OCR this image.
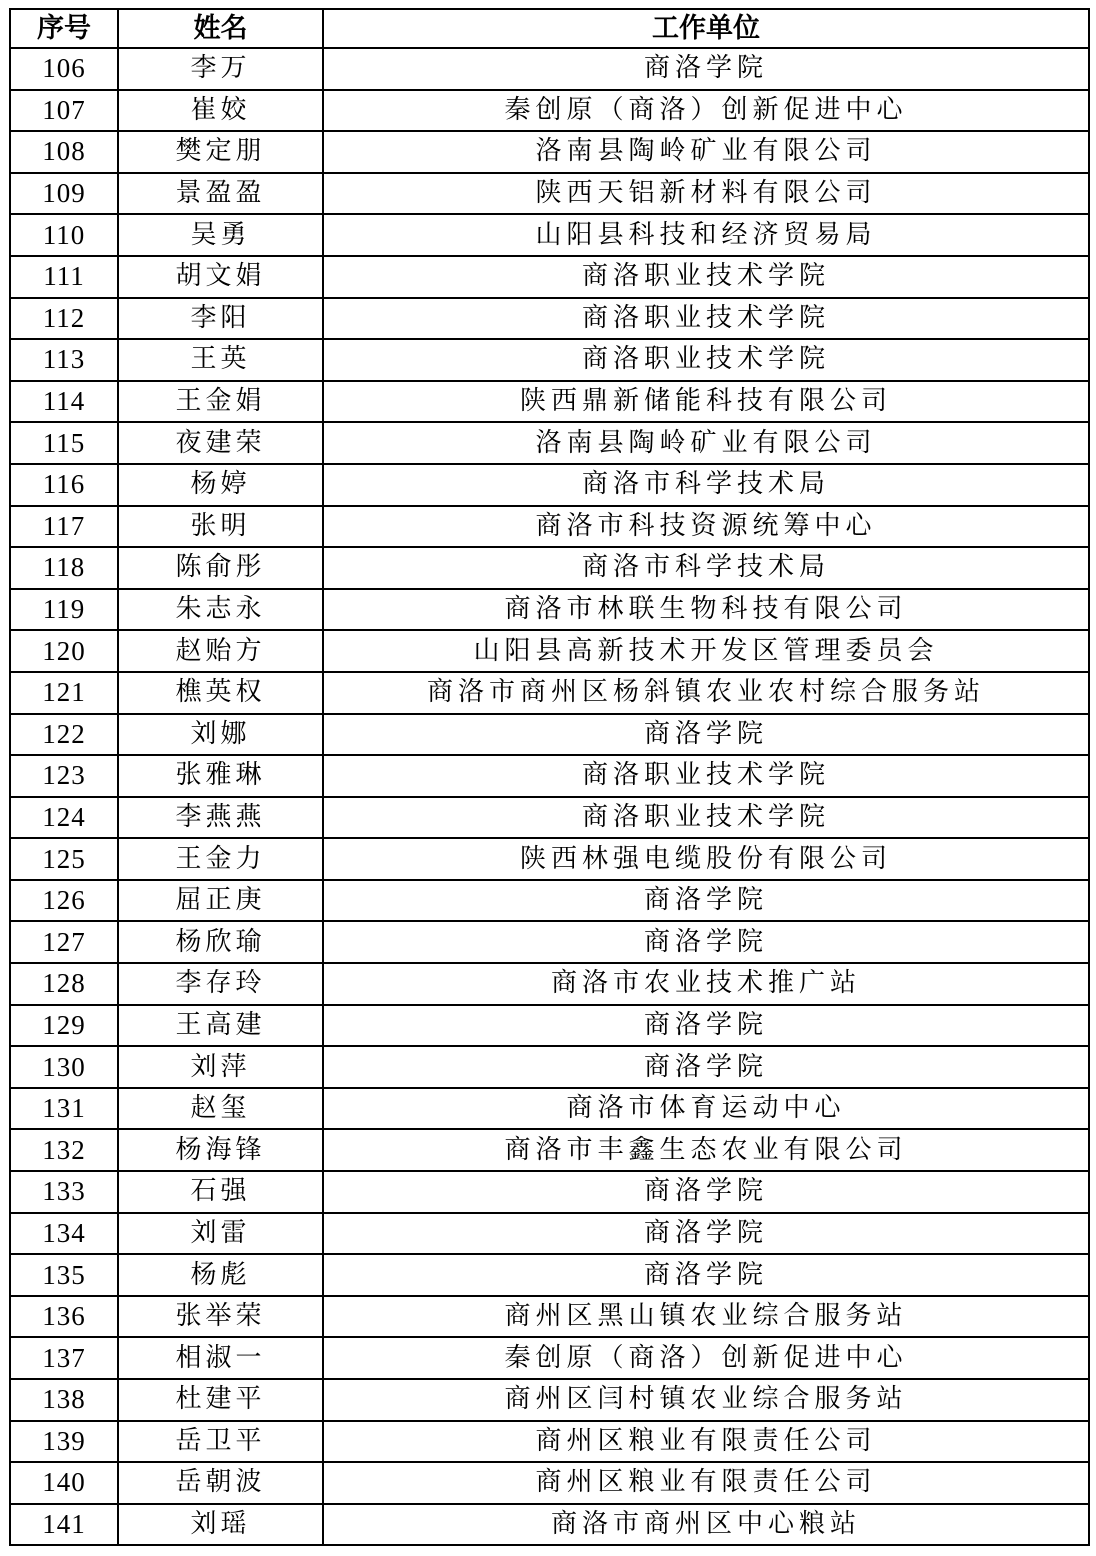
序号	姓名	工作单位
106	李万	商洛学院
107	崔姣	秦创原（商洛）创新促进中心
108	樊定朋	洛南县陶岭矿业有限公司
109	景盈盈	陕西天铝新材料有限公司
110	吴勇	山阳县科技和经济贸易局
111	胡文娟	商洛职业技术学院
112	李阳	商洛职业技术学院
113	王英	商洛职业技术学院
114	王金娟	陕西鼎新储能科技有限公司
115	夜建荣	洛南县陶岭矿业有限公司
116	杨婷	商洛市科学技术局
117	张明	商洛市科技资源统筹中心
118	陈俞彤	商洛市科学技术局
119	朱志永	商洛市林联生物科技有限公司
120	赵贻方	山阳县高新技术开发区管理委员会
121	樵英权	商洛市商州区杨斜镇农业农村综合服务站
122	刘娜	商洛学院
123	张雅琳	商洛职业技术学院
124	李燕燕	商洛职业技术学院
125	王金力	陕西林强电缆股份有限公司
126	屈正庚	商洛学院
127	杨欣瑜	商洛学院
128	李存玲	商洛市农业技术推广站
129	王高建	商洛学院
130	刘萍	商洛学院
131	赵玺	商洛市体育运动中心
132	杨海锋	商洛市丰鑫生态农业有限公司
133	石强	商洛学院
134	刘雷	商洛学院
135	杨彪	商洛学院
136	张举荣	商州区黑山镇农业综合服务站
137	相淑一	秦创原（商洛）创新促进中心
138	杜建平	商州区闫村镇农业综合服务站
139	岳卫平	商州区粮业有限责任公司
140	岳朝波	商州区粮业有限责任公司
141	刘瑶	商洛市商州区中心粮站
